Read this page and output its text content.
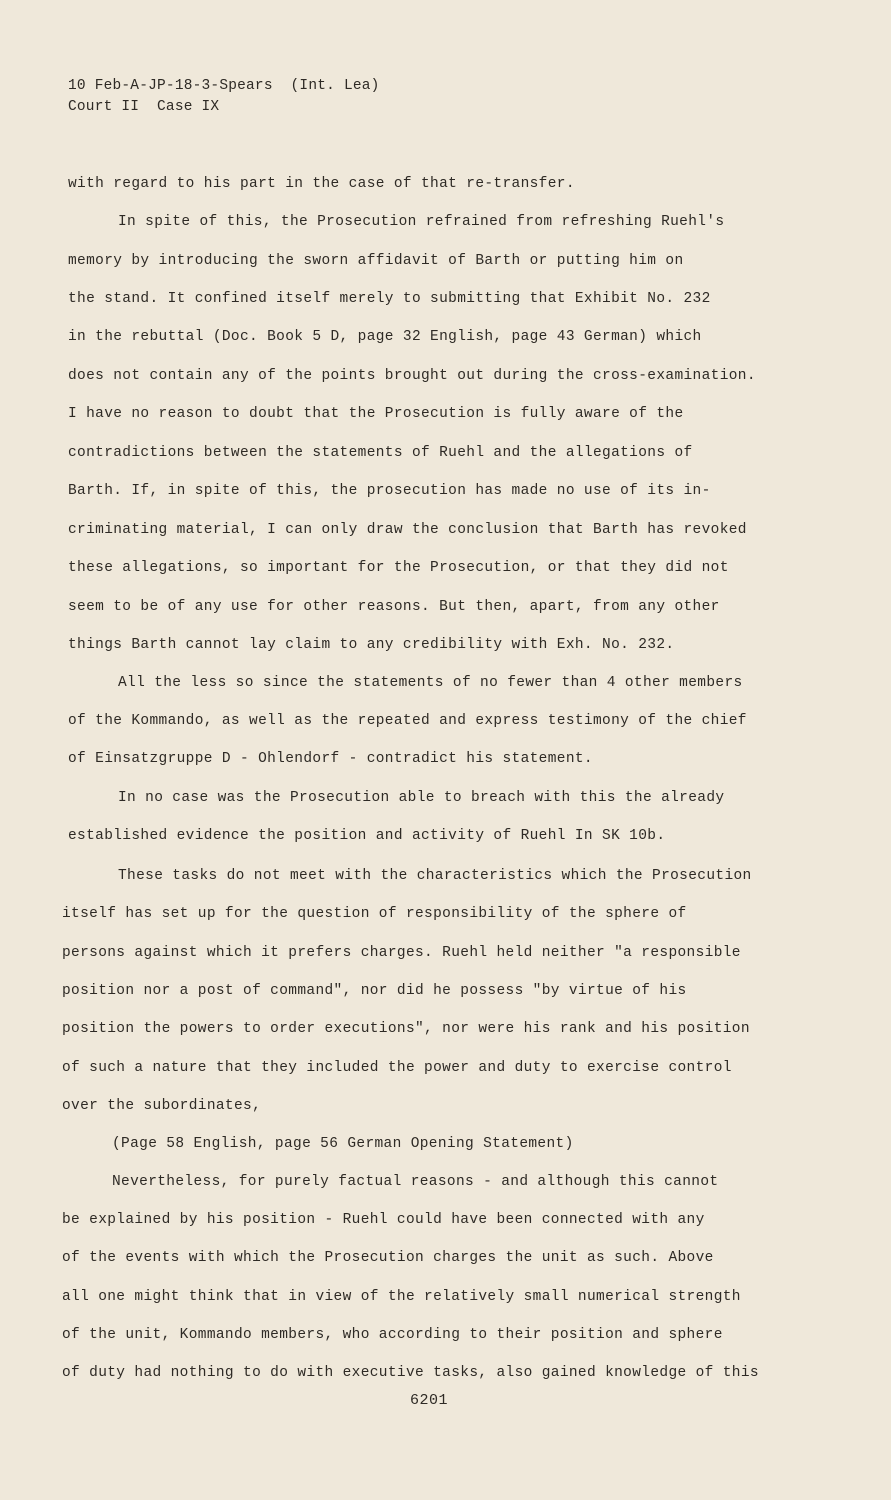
10 Feb-A-JP-18-3-Spears  (Int. Lea)
Court II  Case IX
with regard to his part in the case of that re-transfer.
In spite of this, the Prosecution refrained from refreshing Ruehl's
memory by introducing the sworn affidavit of Barth or putting him on
the stand. It confined itself merely to submitting that Exhibit No. 232
in the rebuttal (Doc. Book 5 D, page 32 English, page 43 German) which
does not contain any of the points brought out during the cross-examination.
I have no reason to doubt that the Prosecution is fully aware of the
contradictions between the statements of Ruehl and the allegations of
Barth. If, in spite of this, the prosecution has made no use of its in-
criminating material, I can only draw the conclusion that Barth has revoked
these allegations, so important for the Prosecution, or that they did not
seem to be of any use for other reasons. But then, apart, from any other
things Barth cannot lay claim to any credibility with Exh. No. 232.
All the less so since the statements of no fewer than 4 other members
of the Kommando, as well as the repeated and express testimony of the chief
of Einsatzgruppe D - Ohlendorf - contradict his statement.
In no case was the Prosecution able to breach with this the already
established evidence the position and activity of Ruehl In SK 10b.
These tasks do not meet with the characteristics which the Prosecution
itself has set up for the question of responsibility of the sphere of
persons against which it prefers charges. Ruehl held neither "a responsible
position nor a post of command", nor did he possess "by virtue of his
position the powers to order executions", nor were his rank and his position
of such a nature that they included the power and duty to exercise control
over the subordinates,
(Page 58 English, page 56 German Opening Statement)
Nevertheless, for purely factual reasons - and although this cannot
be explained by his position - Ruehl could have been connected with any
of the events with which the Prosecution charges the unit as such. Above
all one might think that in view of the relatively small numerical strength
of the unit, Kommando members, who according to their position and sphere
of duty had nothing to do with executive tasks, also gained knowledge of this
6201
